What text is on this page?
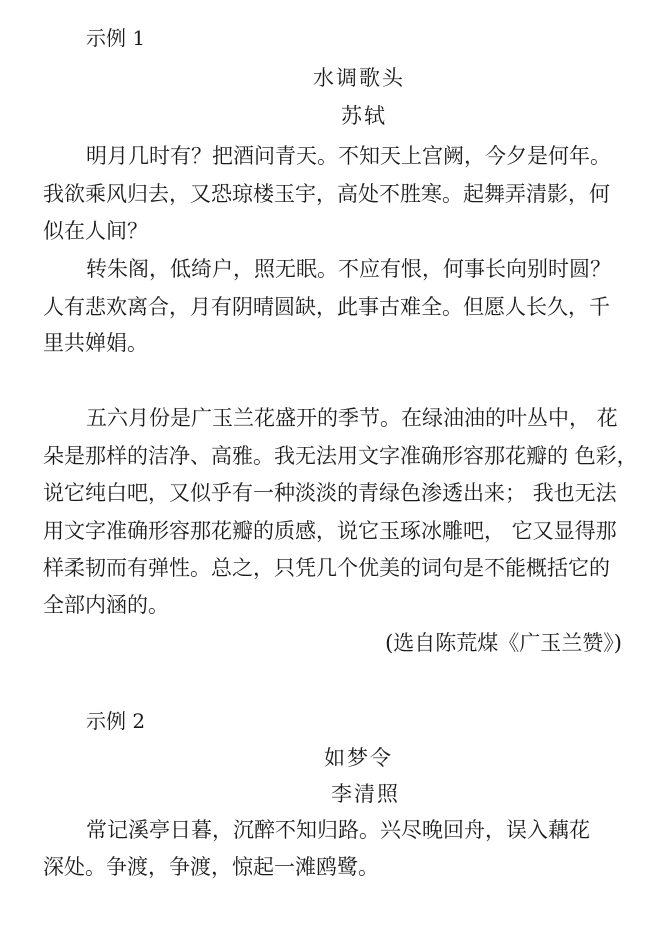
示例 1
水调歌头
苏轼
明月几时有？把酒问青天。不知天上宫阙，今夕是何年。
我欲乘风归去，又恐琼楼玉宇，高处不胜寒。起舞弄清影，何
似在人间？
转朱阁，低绮户，照无眠。不应有恨，何事长向别时圆？
人有悲欢离合，月有阴晴圆缺，此事古难全。但愿人长久，千
里共婵娟。
五六月份是广玉兰花盛开的季节。在绿油油的叶丛中， 花
朵是那样的洁净、高雅。我无法用文字准确形容那花瓣的 色彩，
说它纯白吧，又似乎有一种淡淡的青绿色渗透出来； 我也无法
用文字准确形容那花瓣的质感，说它玉琢冰雕吧， 它又显得那
样柔韧而有弹性。总之，只凭几个优美的词句是不能概括它的
全部内涵的。
(选自陈荒煤《广玉兰赞》)
示例 2
如梦令
李清照
常记溪亭日暮，沉醉不知归路。兴尽晚回舟，误入藕花
深处。争渡，争渡，惊起一滩鸥鹭。
